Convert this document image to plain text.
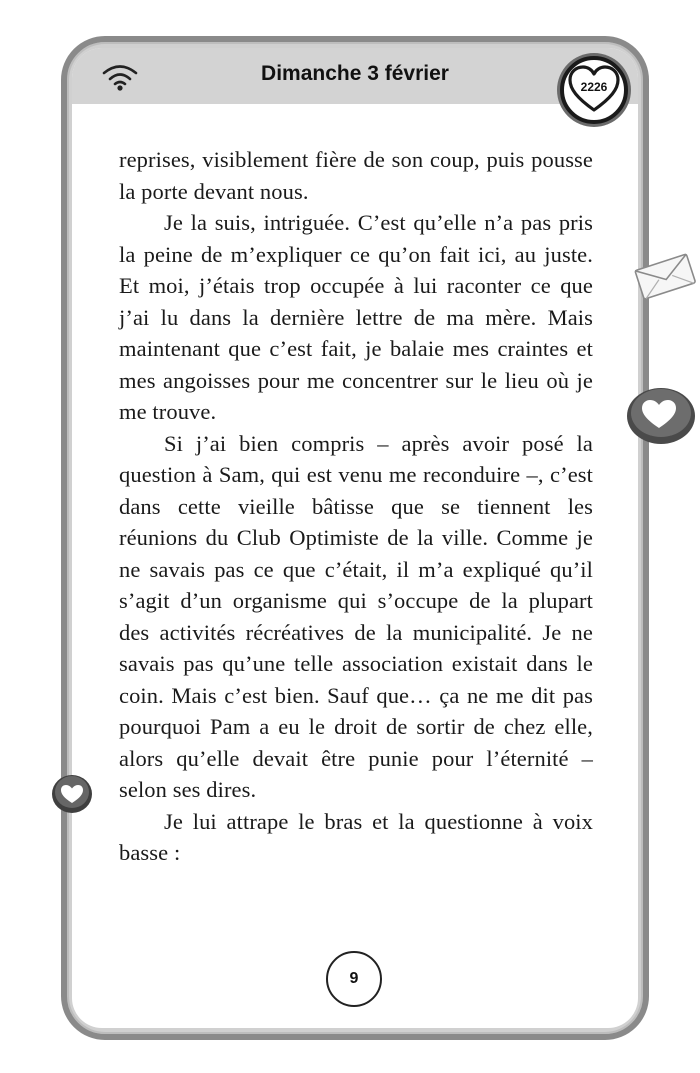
Dimanche 3 février

reprises, visiblement fière de son coup, puis pousse la porte devant nous.

Je la suis, intriguée. C’est qu’elle n’a pas pris la peine de m’expliquer ce qu’on fait ici, au juste. Et moi, j’étais trop occupée à lui raconter ce que j’ai lu dans la dernière lettre de ma mère. Mais maintenant que c’est fait, je balaie mes craintes et mes angoisses pour me concentrer sur le lieu où je me trouve.

Si j’ai bien compris – après avoir posé la question à Sam, qui est venu me reconduire –, c’est dans cette vieille bâtisse que se tiennent les réunions du Club Optimiste de la ville. Comme je ne savais pas ce que c’était, il m’a expliqué qu’il s’agit d’un organisme qui s’occupe de la plupart des activités récréatives de la municipalité. Je ne savais pas qu’une telle association existait dans le coin. Mais c’est bien. Sauf que… ça ne me dit pas pourquoi Pam a eu le droit de sortir de chez elle, alors qu’elle devait être punie pour l’éternité – selon ses dires.

Je lui attrape le bras et la questionne à voix basse :

2226
9
